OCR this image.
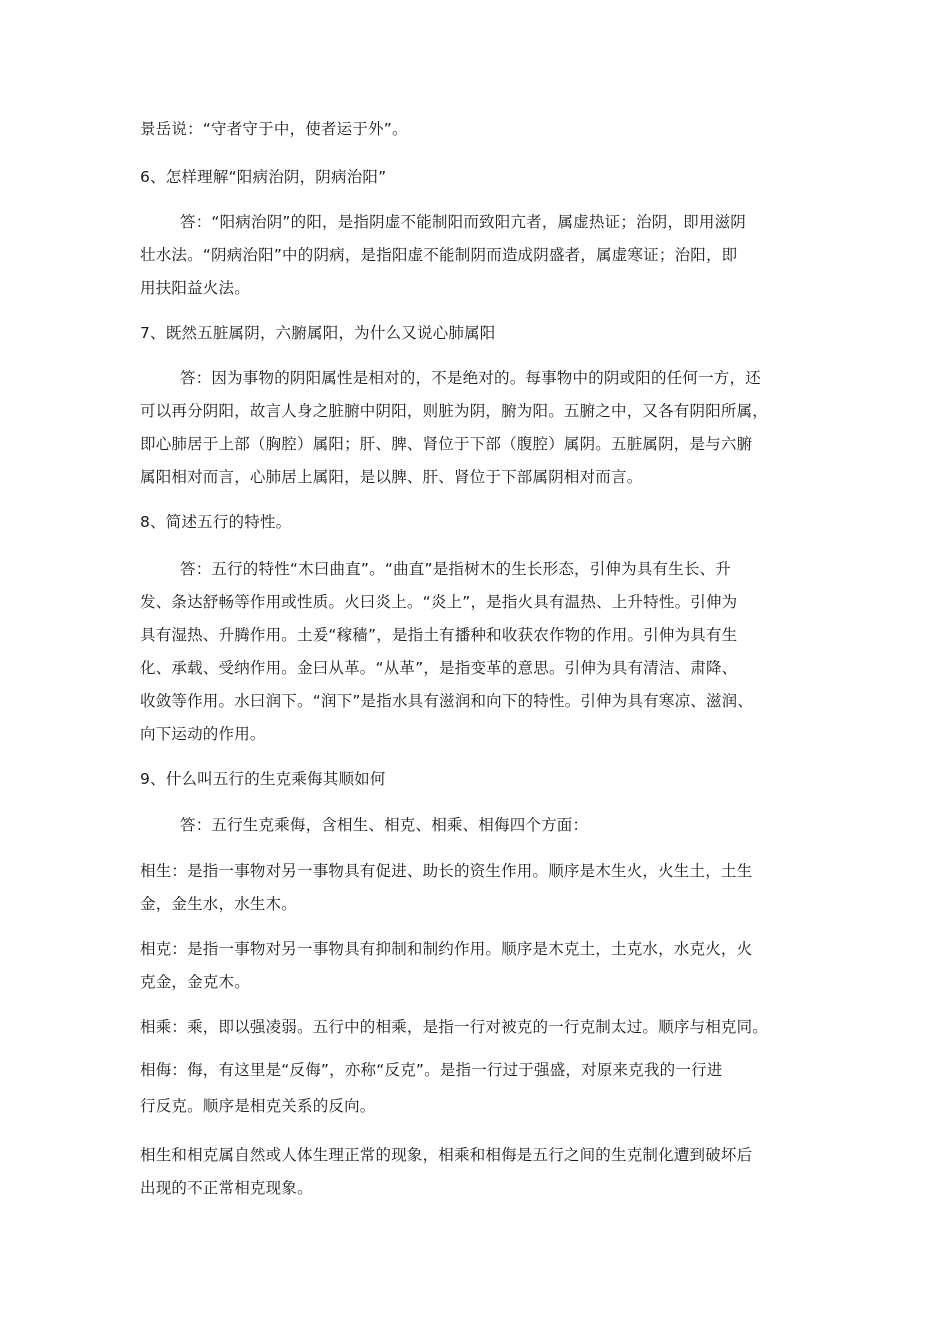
景岳说：“守者守于中，使者运于外”。
6、怎样理解“阳病治阴，阴病治阳”
答：“阳病治阴”的阳，是指阴虚不能制阳而致阳亢者，属虚热证；治阴，即用滋阴
壮水法。“阴病治阳”中的阴病，是指阳虚不能制阴而造成阴盛者，属虚寒证；治阳，即
用扶阳益火法。
7、既然五脏属阴，六腑属阳，为什么又说心肺属阳
答：因为事物的阴阳属性是相对的，不是绝对的。每事物中的阴或阳的任何一方，还
可以再分阴阳，故言人身之脏腑中阴阳，则脏为阴，腑为阳。五腑之中，又各有阴阳所属，
即心肺居于上部（胸腔）属阳；肝、脾、肾位于下部（腹腔）属阴。五脏属阴，是与六腑
属阳相对而言，心肺居上属阳，是以脾、肝、肾位于下部属阴相对而言。
8、简述五行的特性。
答：五行的特性“木曰曲直”。“曲直”是指树木的生长形态，引伸为具有生长、升
发、条达舒畅等作用或性质。火曰炎上。“炎上”，是指火具有温热、上升特性。引伸为
具有湿热、升腾作用。土爰“稼穑”，是指土有播种和收获农作物的作用。引伸为具有生
化、承载、受纳作用。金曰从革。“从革”，是指变革的意思。引伸为具有清洁、肃降、
收敛等作用。水曰润下。“润下”是指水具有滋润和向下的特性。引伸为具有寒凉、滋润、
向下运动的作用。
9、什么叫五行的生克乘侮其顺如何
答：五行生克乘侮，含相生、相克、相乘、相侮四个方面：
相生：是指一事物对另一事物具有促进、助长的资生作用。顺序是木生火，火生土，土生
金，金生水，水生木。
相克：是指一事物对另一事物具有抑制和制约作用。顺序是木克土，土克水，水克火，火
克金，金克木。
相乘：乘，即以强凌弱。五行中的相乘，是指一行对被克的一行克制太过。顺序与相克同。
相侮：侮，有这里是“反侮”，亦称“反克”。是指一行过于强盛，对原来克我的一行进
行反克。顺序是相克关系的反向。
相生和相克属自然或人体生理正常的现象，相乘和相侮是五行之间的生克制化遭到破坏后
出现的不正常相克现象。
